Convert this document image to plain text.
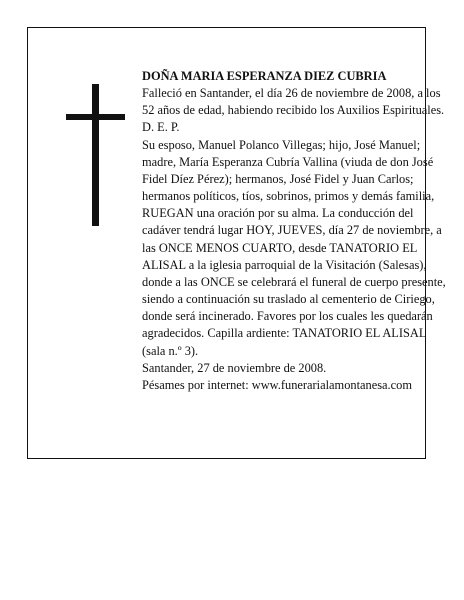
DOÑA MARIA ESPERANZA DIEZ CUBRIA

Falleció en Santander, el día 26 de noviembre de 2008, a los 52 años de edad, habiendo recibido los Auxilios Espirituales.

D. E. P.

Su esposo, Manuel Polanco Villegas; hijo, José Manuel; madre, María Esperanza Cubría Vallina (viuda de don José Fidel Díez Pérez); hermanos, José Fidel y Juan Carlos; hermanos políticos, tíos, sobrinos, primos y demás familia,

RUEGAN una oración por su alma. La conducción del cadáver tendrá lugar HOY, JUEVES, día 27 de noviembre, a las ONCE MENOS CUARTO, desde TANATORIO EL ALISAL a la iglesia parroquial de la Visitación (Salesas), donde a las ONCE se celebrará el funeral de cuerpo presente, siendo a continuación su traslado al cementerio de Ciriego, donde será incinerado. Favores por los cuales les quedarán agradecidos. Capilla ardiente: TANATORIO EL ALISAL (sala n.º 3).

Santander, 27 de noviembre de 2008.

Pésames por internet: www.funerarialamontanesa.com
